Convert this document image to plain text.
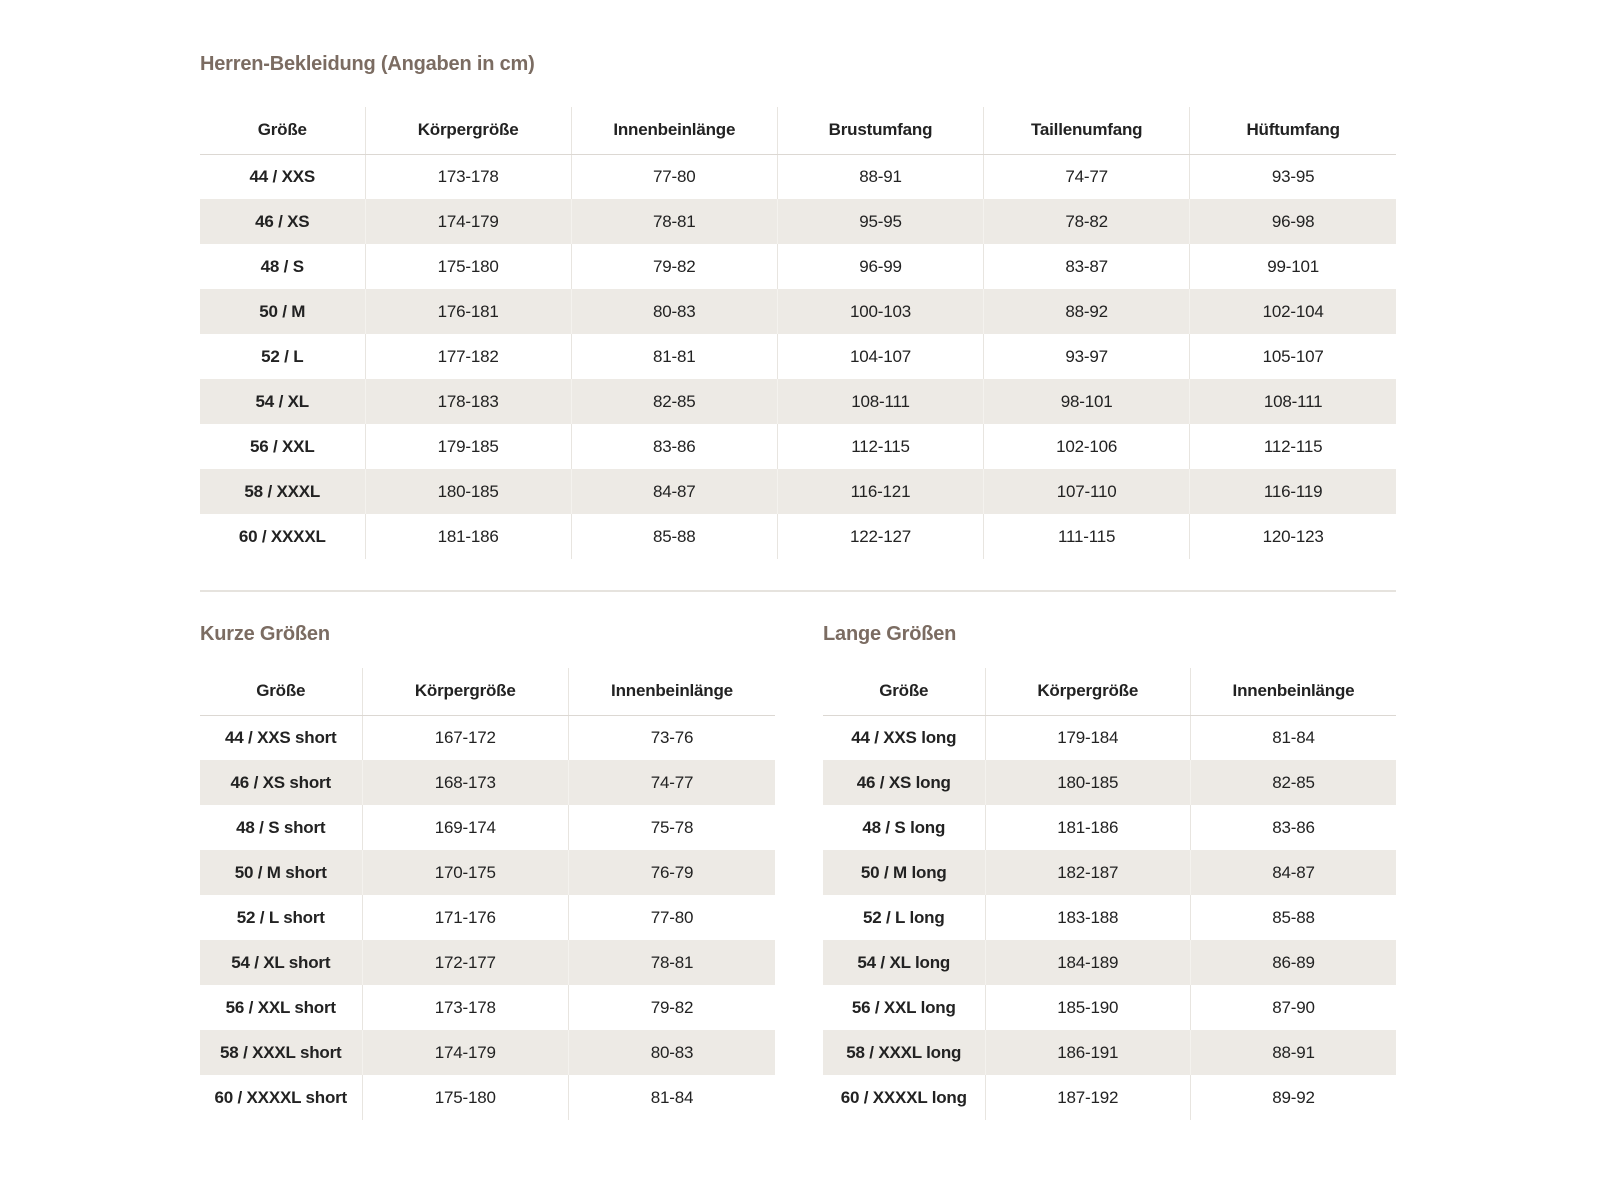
Herren-Bekleidung (Angaben in cm)
Größe	Körpergröße	Innenbeinlänge	Brustumfang	Taillenumfang	Hüftumfang
44 / XXS	173-178	77-80	88-91	74-77	93-95
46 / XS	174-179	78-81	95-95	78-82	96-98
48 / S	175-180	79-82	96-99	83-87	99-101
50 / M	176-181	80-83	100-103	88-92	102-104
52 / L	177-182	81-81	104-107	93-97	105-107
54 / XL	178-183	82-85	108-111	98-101	108-111
56 / XXL	179-185	83-86	112-115	102-106	112-115
58 / XXXL	180-185	84-87	116-121	107-110	116-119
60 / XXXXL	181-186	85-88	122-127	111-115	120-123
Kurze Größen
Größe	Körpergröße	Innenbeinlänge
44 / XXS short	167-172	73-76
46 / XS short	168-173	74-77
48 / S short	169-174	75-78
50 / M short	170-175	76-79
52 / L short	171-176	77-80
54 / XL short	172-177	78-81
56 / XXL short	173-178	79-82
58 / XXXL short	174-179	80-83
60 / XXXXL short	175-180	81-84
Lange Größen
Größe	Körpergröße	Innenbeinlänge
44 / XXS long	179-184	81-84
46 / XS long	180-185	82-85
48 / S long	181-186	83-86
50 / M long	182-187	84-87
52 / L long	183-188	85-88
54 / XL long	184-189	86-89
56 / XXL long	185-190	87-90
58 / XXXL long	186-191	88-91
60 / XXXXL long	187-192	89-92
